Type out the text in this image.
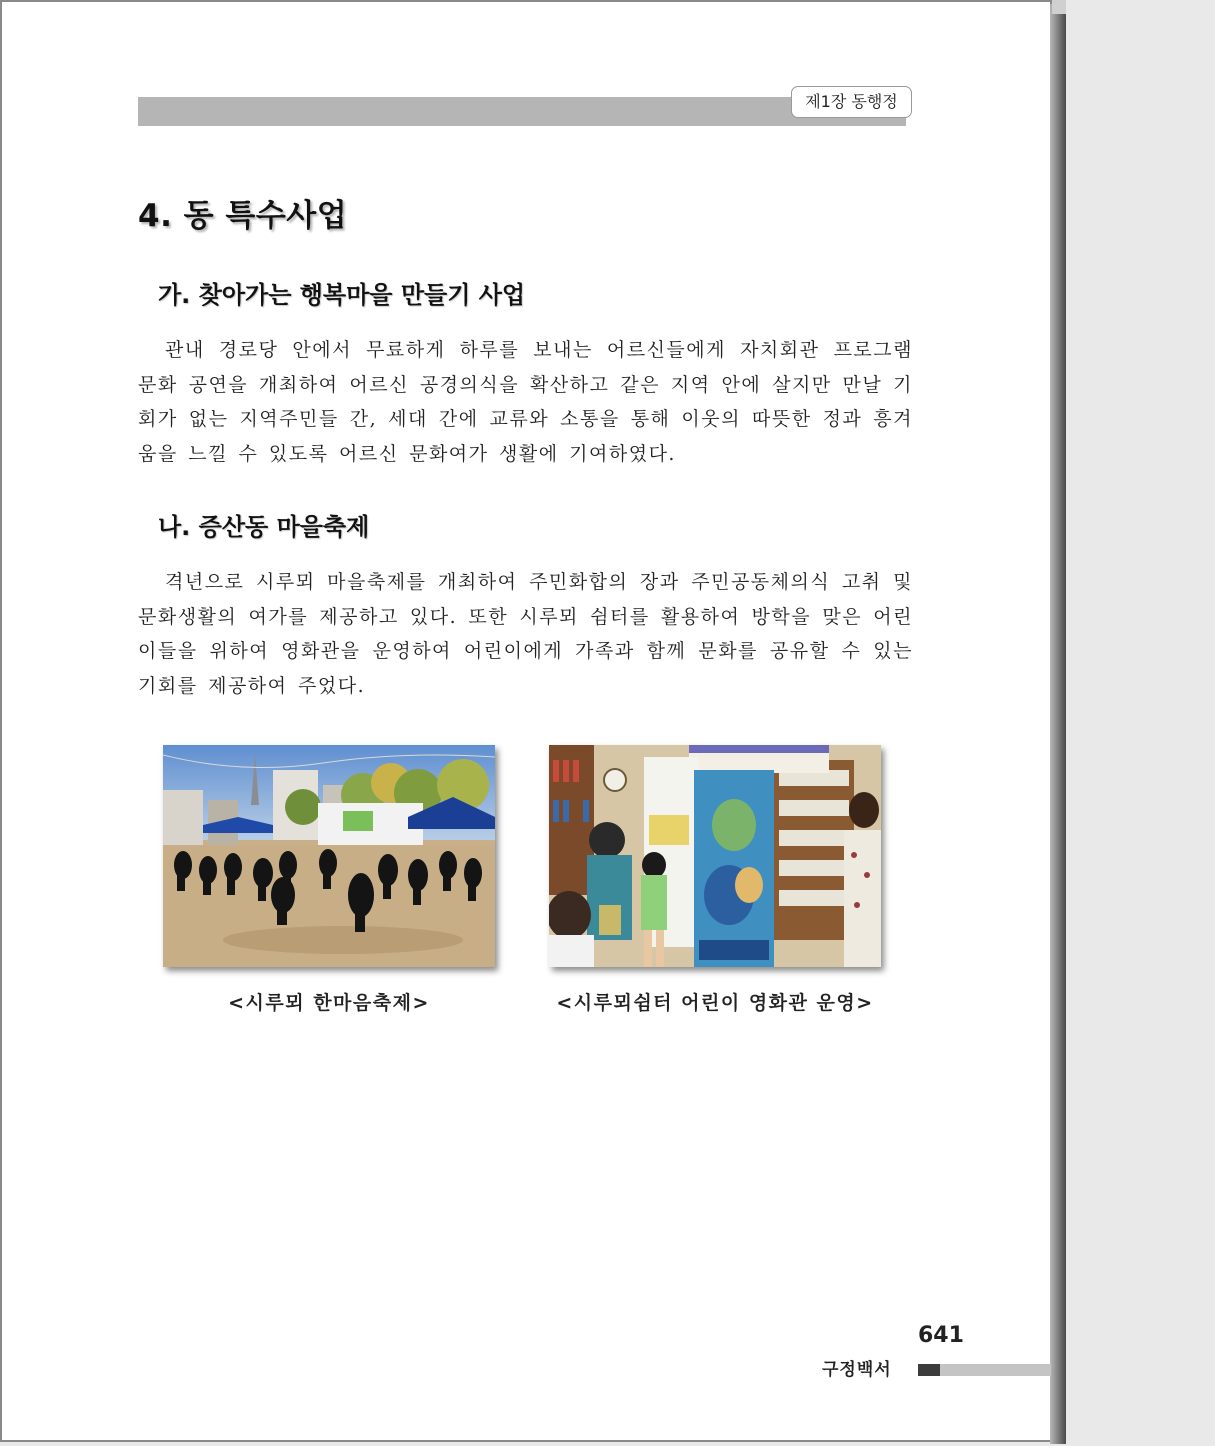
제1장 동행정
4. 동 특수사업
가. 찾아가는 행복마을 만들기 사업

관내 경로당 안에서 무료하게 하루를 보내는 어르신들에게 자치회관 프로그램 문화 공연을 개최하여 어르신 공경의식을 확산하고 같은 지역 안에 살지만 만날 기회가 없는 지역주민들 간, 세대 간에 교류와 소통을 통해 이웃의 따뜻한 정과 흥겨움을 느낄 수 있도록 어르신 문화여가 생활에 기여하였다.

나. 증산동 마을축제

격년으로 시루뫼 마을축제를 개최하여 주민화합의 장과 주민공동체의식 고취 및 문화생활의 여가를 제공하고 있다. 또한 시루뫼 쉼터를 활용하여 방학을 맞은 어린이들을 위하여 영화관을 운영하여 어린이에게 가족과 함께 문화를 공유할 수 있는 기회를 제공하여 주었다.

<시루뫼 한마음축제>	<시루뫼쉼터 어린이 영화관 운영>

641
구정백서
